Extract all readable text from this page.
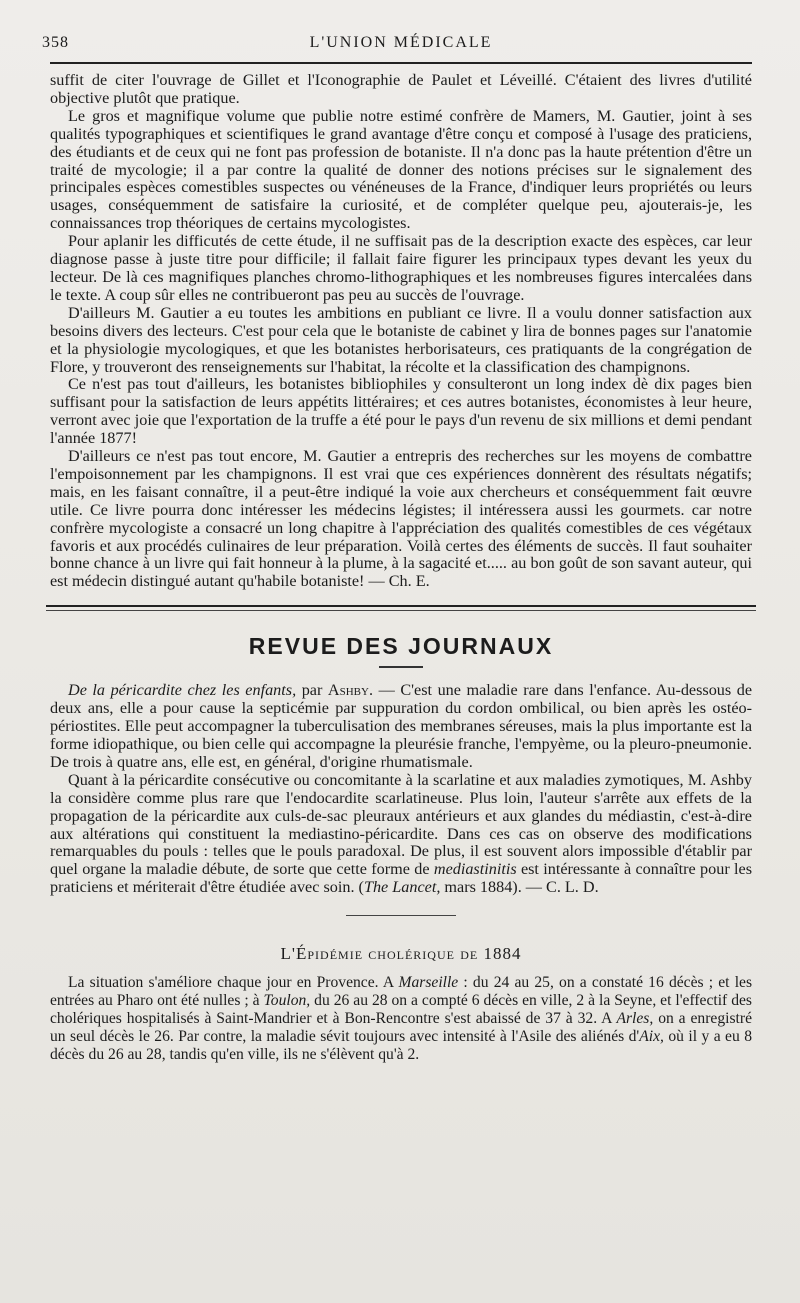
358	L'UNION MÉDICALE

suffit de citer l'ouvrage de Gillet et l'Iconographie de Paulet et Léveillé. C'étaient des livres d'utilité objective plutôt que pratique.

Le gros et magnifique volume que publie notre estimé confrère de Mamers, M. Gautier, joint à ses qualités typographiques et scientifiques le grand avantage d'être conçu et composé à l'usage des praticiens, des étudiants et de ceux qui ne font pas profession de botaniste. Il n'a donc pas la haute prétention d'être un traité de mycologie; il a par contre la qualité de donner des notions précises sur le signalement des principales espèces comestibles suspectes ou vénéneuses de la France, d'indiquer leurs propriétés ou leurs usages, conséquemment de satisfaire la curiosité, et de compléter quelque peu, ajouterais-je, les connaissances trop théoriques de certains mycologistes.

Pour aplanir les difficutés de cette étude, il ne suffisait pas de la description exacte des espèces, car leur diagnose passe à juste titre pour difficile; il fallait faire figurer les principaux types devant les yeux du lecteur. De là ces magnifiques planches chromo-lithographiques et les nombreuses figures intercalées dans le texte. A coup sûr elles ne contribueront pas peu au succès de l'ouvrage.

D'ailleurs M. Gautier a eu toutes les ambitions en publiant ce livre. Il a voulu donner satisfaction aux besoins divers des lecteurs. C'est pour cela que le botaniste de cabinet y lira de bonnes pages sur l'anatomie et la physiologie mycologiques, et que les botanistes herborisateurs, ces pratiquants de la congrégation de Flore, y trouveront des renseignements sur l'habitat, la récolte et la classification des champignons.

Ce n'est pas tout d'ailleurs, les botanistes bibliophiles y consulteront un long index dè dix pages bien suffisant pour la satisfaction de leurs appétits littéraires; et ces autres botanistes, économistes à leur heure, verront avec joie que l'exportation de la truffe a été pour le pays d'un revenu de six millions et demi pendant l'année 1877!

D'ailleurs ce n'est pas tout encore, M. Gautier a entrepris des recherches sur les moyens de combattre l'empoisonnement par les champignons. Il est vrai que ces expériences donnèrent des résultats négatifs; mais, en les faisant connaître, il a peut-être indiqué la voie aux chercheurs et conséquemment fait œuvre utile. Ce livre pourra donc intéresser les médecins légistes; il intéressera aussi les gourmets. car notre confrère mycologiste a consacré un long chapitre à l'appréciation des qualités comestibles de ces végétaux favoris et aux procédés culinaires de leur préparation. Voilà certes des éléments de succès. Il faut souhaiter bonne chance à un livre qui fait honneur à la plume, à la sagacité et..... au bon goût de son savant auteur, qui est médecin distingué autant qu'habile botaniste! — Ch. E.

REVUE DES JOURNAUX

De la péricardite chez les enfants, par Ashby. — C'est une maladie rare dans l'enfance. Au-dessous de deux ans, elle a pour cause la septicémie par suppuration du cordon ombilical, ou bien après les ostéo-périostites. Elle peut accompagner la tuberculisation des membranes séreuses, mais la plus importante est la forme idiopathique, ou bien celle qui accompagne la pleurésie franche, l'empyème, ou la pleuro-pneumonie. De trois à quatre ans, elle est, en général, d'origine rhumatismale.

Quant à la péricardite consécutive ou concomitante à la scarlatine et aux maladies zymotiques, M. Ashby la considère comme plus rare que l'endocardite scarlatineuse. Plus loin, l'auteur s'arrête aux effets de la propagation de la péricardite aux culs-de-sac pleuraux antérieurs et aux glandes du médiastin, c'est-à-dire aux altérations qui constituent la mediastino-péricardite. Dans ces cas on observe des modifications remarquables du pouls : telles que le pouls paradoxal. De plus, il est souvent alors impossible d'établir par quel organe la maladie débute, de sorte que cette forme de mediastinitis est intéressante à connaître pour les praticiens et mériterait d'être étudiée avec soin. (The Lancet, mars 1884). — C. L. D.

L'Épidémie cholérique de 1884

La situation s'améliore chaque jour en Provence. A Marseille : du 24 au 25, on a constaté 16 décès ; et les entrées au Pharo ont été nulles ; à Toulon, du 26 au 28 on a compté 6 décès en ville, 2 à la Seyne, et l'effectif des cholériques hospitalisés à Saint-Mandrier et à Bon-Rencontre s'est abaissé de 37 à 32. A Arles, on a enregistré un seul décès le 26. Par contre, la maladie sévit toujours avec intensité à l'Asile des aliénés d'Aix, où il y a eu 8 décès du 26 au 28, tandis qu'en ville, ils ne s'élèvent qu'à 2.
